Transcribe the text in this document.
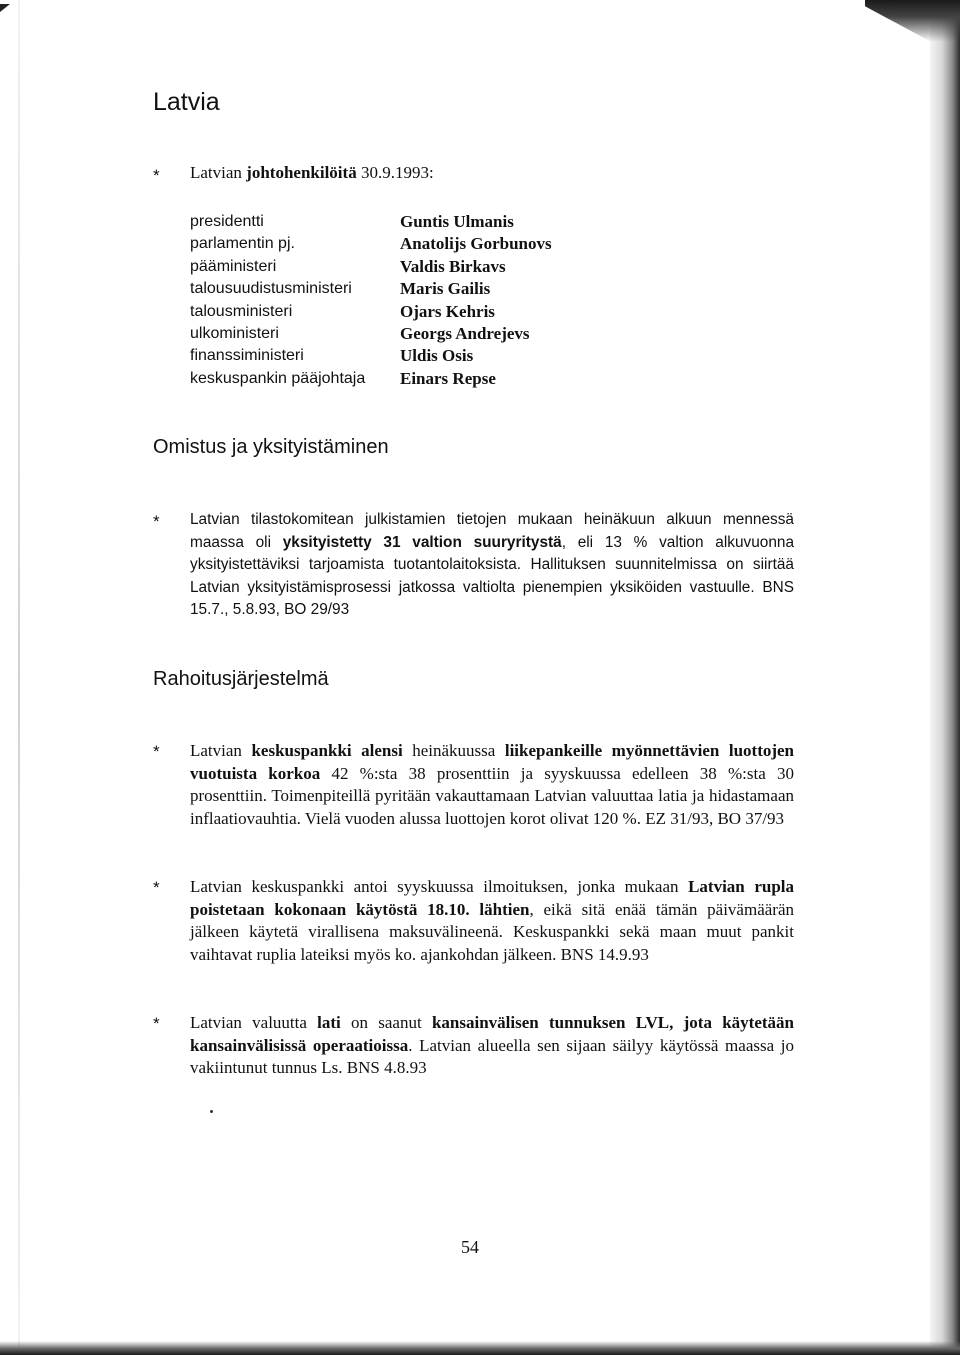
Latvia
* Latvian johtohenkilöitä 30.9.1993:
presidentti	Guntis Ulmanis
parlamentin pj.	Anatolijs Gorbunovs
pääministeri	Valdis Birkavs
talousuudistusministeri	Maris Gailis
talousministeri	Ojars Kehris
ulkoministeri	Georgs Andrejevs
finanssiministeri	Uldis Osis
keskuspankin pääjohtaja	Einars Repse
Omistus ja yksityistäminen
* Latvian tilastokomitean julkistamien tietojen mukaan heinäkuun alkuun mennessä maassa oli yksityistetty 31 valtion suuryritystä, eli 13 % valtion alkuvuonna yksityistettäviksi tarjoamista tuotantolaitoksista. Hallituksen suunnitelmissa on siirtää Latvian yksityistämisprosessi jatkossa valtiolta pienempien yksiköiden vastuulle. BNS 15.7., 5.8.93, BO 29/93

Rahoitusjärjestelmä
* Latvian keskuspankki alensi heinäkuussa liikepankeille myönnettävien luottojen vuotuista korkoa 42 %:sta 38 prosenttiin ja syyskuussa edelleen 38 %:sta 30 prosenttiin. Toimenpiteillä pyritään vakauttamaan Latvian valuuttaa latia ja hidastamaan inflaatiovauhtia. Vielä vuoden alussa luottojen korot olivat 120 %. EZ 31/93, BO 37/93

* Latvian keskuspankki antoi syyskuussa ilmoituksen, jonka mukaan Latvian rupla poistetaan kokonaan käytöstä 18.10. lähtien, eikä sitä enää tämän päivämäärän jälkeen käytetä virallisena maksuvälineenä. Keskuspankki sekä maan muut pankit vaihtavat ruplia lateiksi myös ko. ajankohdan jälkeen. BNS 14.9.93

* Latvian valuutta lati on saanut kansainvälisen tunnuksen LVL, jota käytetään kansainvälisissä operaatioissa. Latvian alueella sen sijaan säilyy käytössä maassa jo vakiintunut tunnus Ls. BNS 4.8.93

54
